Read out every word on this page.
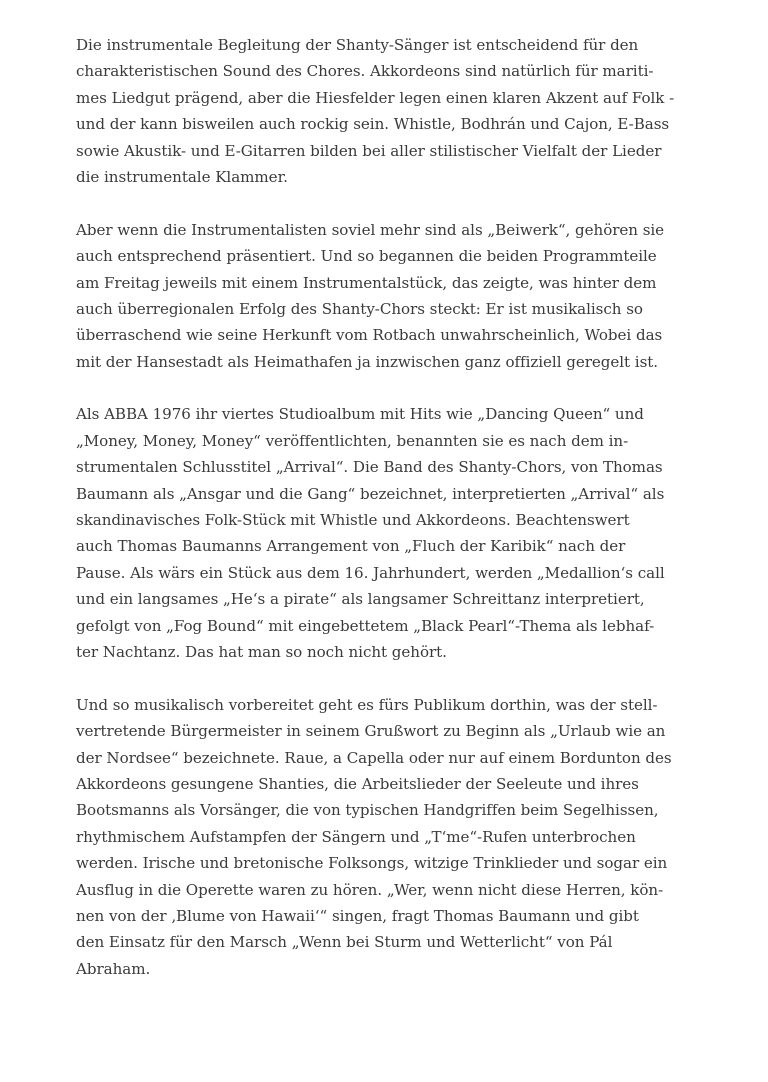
Die instrumentale Begleitung der Shanty-Sänger ist entscheidend für den
charakteristischen Sound des Chores. Akkordeons sind natürlich für mariti-
mes Liedgut prägend, aber die Hiesfelder legen einen klaren Akzent auf Folk -
und der kann bisweilen auch rockig sein. Whistle, Bodhrán und Cajon, E-Bass
sowie Akustik- und E-Gitarren bilden bei aller stilistischer Vielfalt der Lieder
die instrumentale Klammer.
Aber wenn die Instrumentalisten soviel mehr sind als „Beiwerk“, gehören sie
auch entsprechend präsentiert. Und so begannen die beiden Programmteile
am Freitag jeweils mit einem Instrumentalstück, das zeigte, was hinter dem
auch überregionalen Erfolg des Shanty-Chors steckt: Er ist musikalisch so
überraschend wie seine Herkunft vom Rotbach unwahrscheinlich, Wobei das
mit der Hansestadt als Heimathafen ja inzwischen ganz offiziell geregelt ist.
Als ABBA 1976 ihr viertes Studioalbum mit Hits wie „Dancing Queen“ und
„Money, Money, Money“ veröffentlichten, benannten sie es nach dem in-
strumentalen Schlusstitel „Arrival“. Die Band des Shanty-Chors, von Thomas
Baumann als „Ansgar und die Gang“ bezeichnet, interpretierten „Arrival“ als
skandinavisches Folk-Stück mit Whistle und Akkordeons. Beachtenswert
auch Thomas Baumanns Arrangement von „Fluch der Karibik“ nach der
Pause. Als wärs ein Stück aus dem 16. Jahrhundert, werden „Medallion‘s call
und ein langsames „He‘s a pirate“ als langsamer Schreittanz interpretiert,
gefolgt von „Fog Bound“ mit eingebettetem „Black Pearl“-Thema als lebhaf-
ter Nachtanz. Das hat man so noch nicht gehört.
Und so musikalisch vorbereitet geht es fürs Publikum dorthin, was der stell-
vertretende Bürgermeister in seinem Grußwort zu Beginn als „Urlaub wie an
der Nordsee“ bezeichnete. Raue, a Capella oder nur auf einem Bordunton des
Akkordeons gesungene Shanties, die Arbeitslieder der Seeleute und ihres
Bootsmanns als Vorsänger, die von typischen Handgriffen beim Segelhissen,
rhythmischem Aufstampfen der Sängern und „T‘me“-Rufen unterbrochen
werden. Irische und bretonische Folksongs, witzige Trinklieder und sogar ein
Ausflug in die Operette waren zu hören. „Wer, wenn nicht diese Herren, kön-
nen von der ‚Blume von Hawaii‘“ singen, fragt Thomas Baumann und gibt
den Einsatz für den Marsch „Wenn bei Sturm und Wetterlicht“ von Pál
Abraham.
